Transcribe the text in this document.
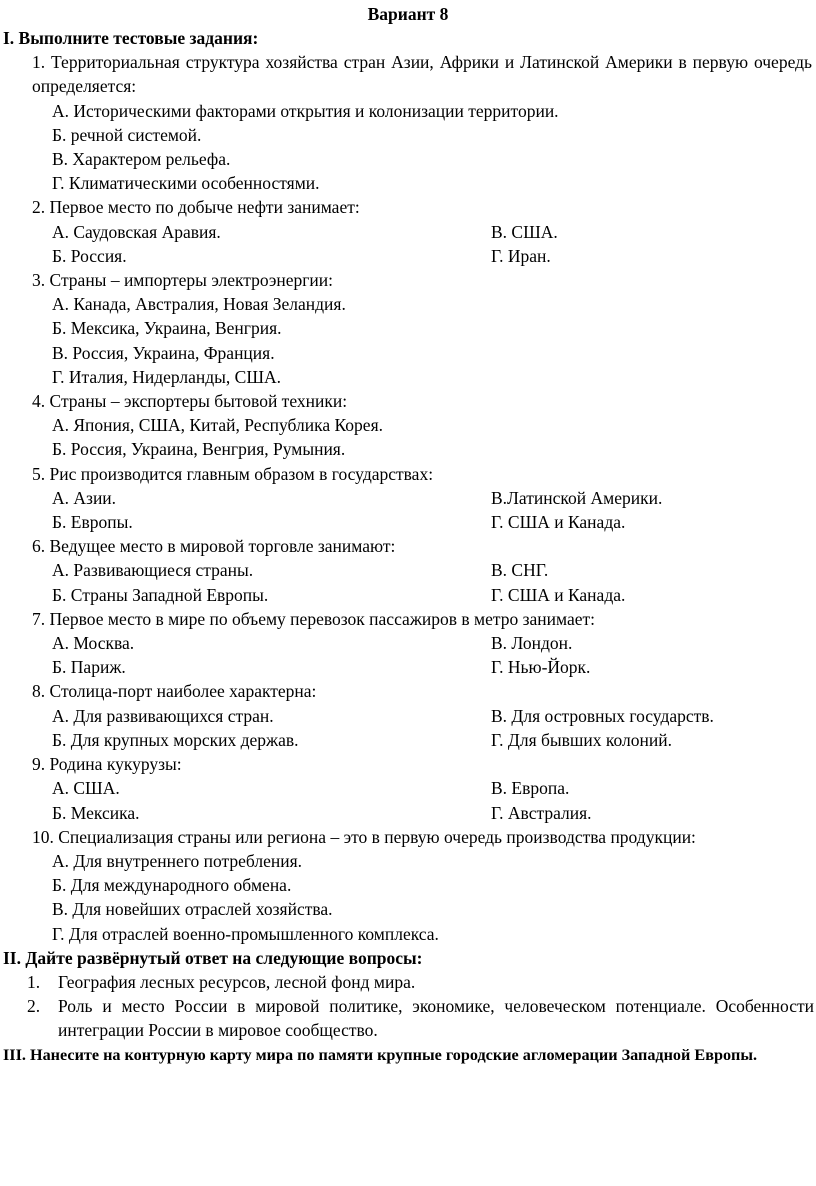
Вариант 8
I. Выполните тестовые задания:
1. Территориальная структура хозяйства стран Азии, Африки и Латинской Америки в первую очередь определяется:
А. Историческими факторами открытия и колонизации территории.
Б. речной системой.
В. Характером рельефа.
Г. Климатическими особенностями.
2. Первое место по добыче нефти занимает:
А. Саудовская Аравия.	В. США.
Б. Россия.	Г. Иран.
3. Страны – импортеры электроэнергии:
А. Канада, Австралия, Новая Зеландия.
Б. Мексика, Украина, Венгрия.
В. Россия, Украина, Франция.
Г. Италия, Нидерланды, США.
4. Страны – экспортеры бытовой техники:
А. Япония, США, Китай, Республика Корея.
Б. Россия, Украина, Венгрия, Румыния.
5. Рис производится главным образом в государствах:
А. Азии.	В.Латинской Америки.
Б. Европы.	Г. США и Канада.
6. Ведущее место в мировой торговле занимают:
А. Развивающиеся страны.	В. СНГ.
Б. Страны Западной Европы.	Г. США и Канада.
7. Первое место в мире по объему перевозок пассажиров в метро занимает:
А. Москва.	В. Лондон.
Б. Париж.	Г. Нью-Йорк.
8. Столица-порт наиболее характерна:
А. Для развивающихся стран.	В. Для островных государств.
Б. Для крупных морских держав.	Г. Для бывших колоний.
9. Родина кукурузы:
А. США.	В. Европа.
Б. Мексика.	Г. Австралия.
10. Специализация страны или региона – это в первую очередь производства продукции:
А. Для внутреннего потребления.
Б. Для международного обмена.
В. Для новейших отраслей хозяйства.
Г. Для отраслей военно-промышленного комплекса.
II. Дайте развёрнутый ответ на следующие вопросы:
1.	География лесных ресурсов, лесной фонд мира.
2.	Роль и место России в мировой политике, экономике, человеческом потенциале. Особенности интеграции России в мировое сообщество.
III. Нанесите на контурную карту мира по памяти крупные городские агломерации Западной Европы.
